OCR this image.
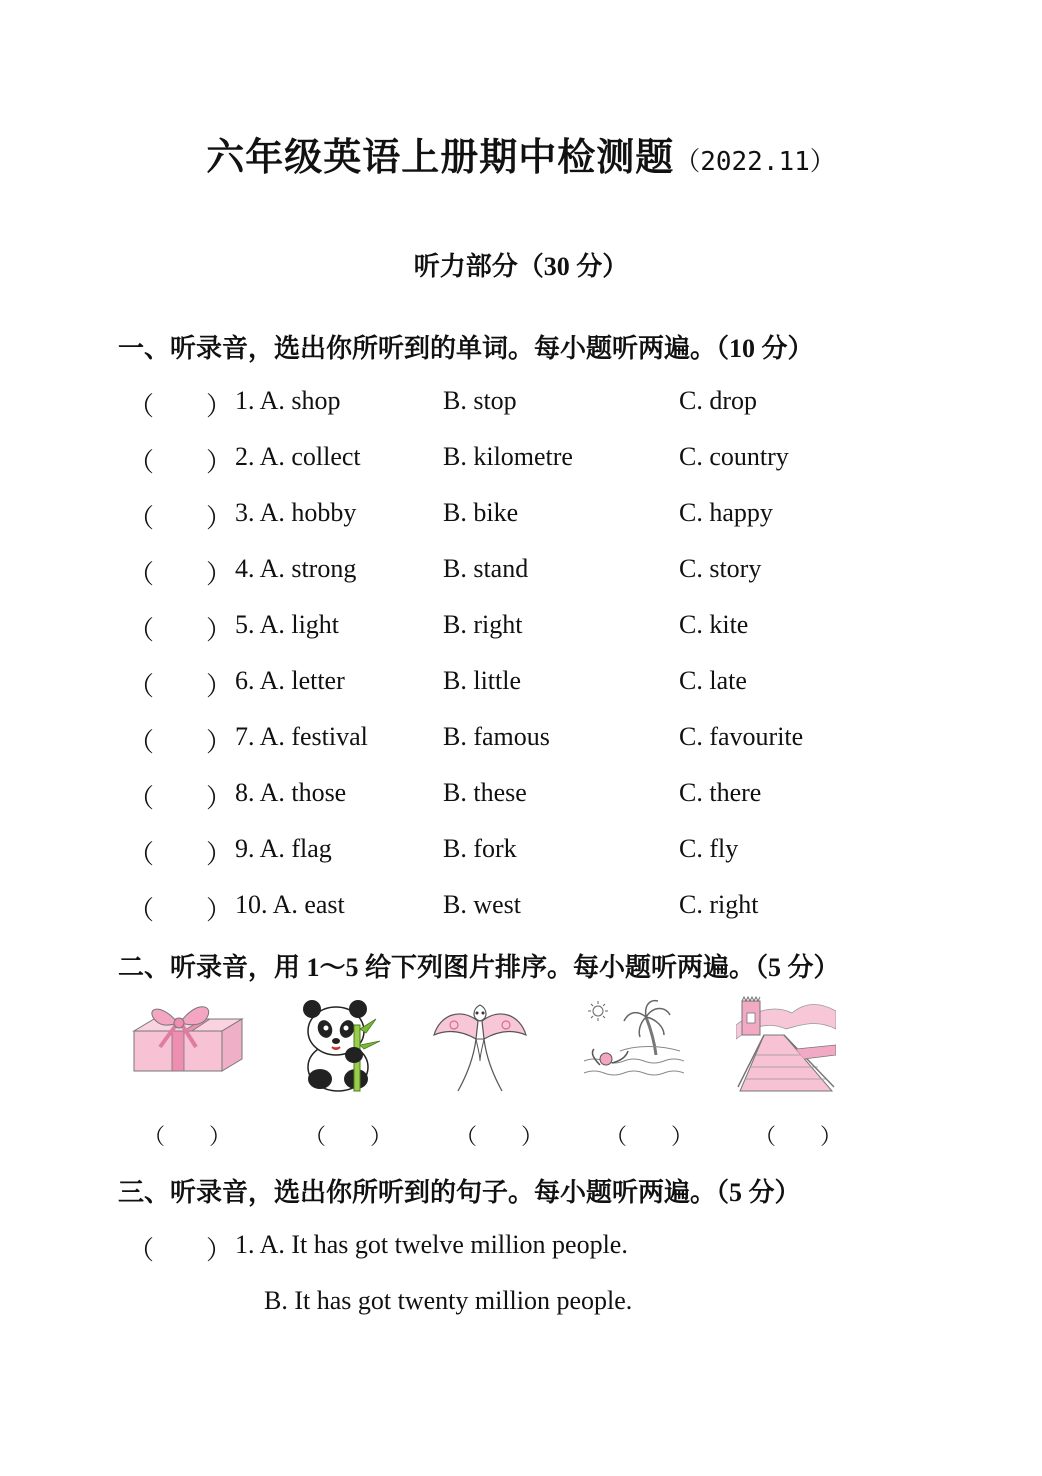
六年级英语上册期中检测题（2022.11）
听力部分（30 分）
一、听录音，选出你所听到的单词。每小题听两遍。（10 分）
（ ） 1. A. shop	B. stop	C. drop
（ ） 2. A. collect	B. kilometre	C. country
（ ） 3. A. hobby	B. bike	C. happy
（ ） 4. A. strong	B. stand	C. story
（ ） 5. A. light	B. right	C. kite
（ ） 6. A. letter	B. little	C. late
（ ） 7. A. festival	B. famous	C. favourite
（ ） 8. A. those	B. these	C. there
（ ） 9. A. flag	B. fork	C. fly
（ ） 10. A. east	B. west	C. right
二、听录音，用 1～5 给下列图片排序。每小题听两遍。（5 分）
（　　）	（　　）	（　　）	（　　）	（　　）
三、听录音，选出你所听到的句子。每小题听两遍。（5 分）
（ ） 1. A. It has got twelve million people.
B. It has got twenty million people.
